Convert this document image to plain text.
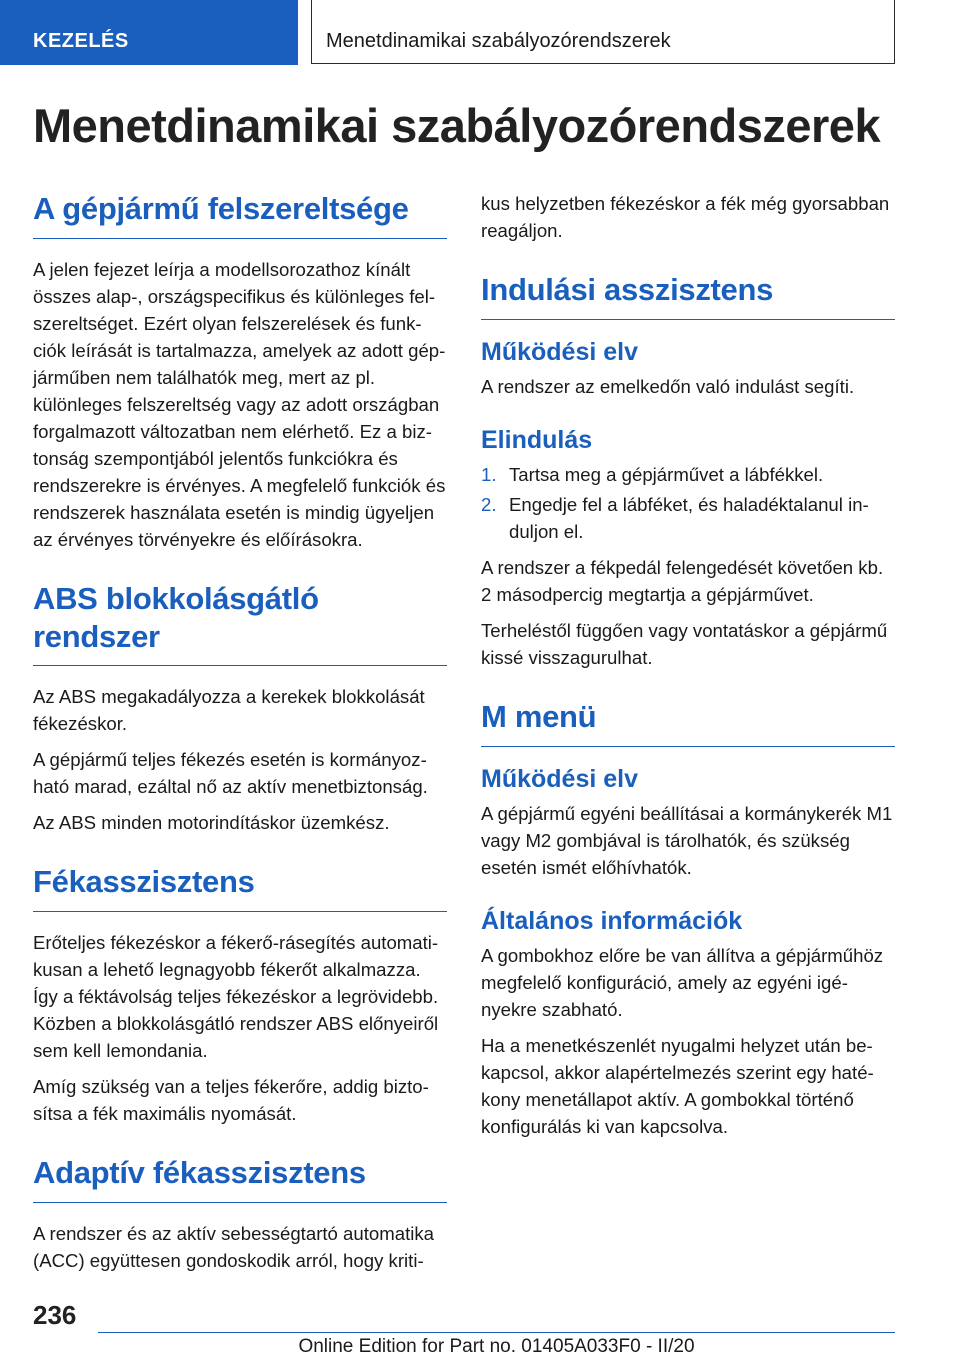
KEZELÉS	Menetdinamikai szabályozórendszerek
Menetdinamikai szabályozórendszerek
A gépjármű felszereltsége

A jelen fejezet leírja a modellsorozathoz kínált összes alap-, országspecifikus és különleges felszereltséget. Ezért olyan felszerelések és funkciók leírását is tartalmazza, amelyek az adott gépjárműben nem találhatók meg, mert az pl. különleges felszereltség vagy az adott országban forgalmazott változatban nem elérhető. Ez a biztonság szempontjából jelentős funkciókra és rendszerekre is érvényes. A megfelelő funkciók és rendszerek használata esetén is mindig ügyeljen az érvényes törvényekre és előírásokra.

ABS blokkolásgátló rendszer

Az ABS megakadályozza a kerekek blokkolását fékezéskor.

A gépjármű teljes fékezés esetén is kormányozható marad, ezáltal nő az aktív menetbiztonság.

Az ABS minden motorindításkor üzemkész.

Fékasszisztens

Erőteljes fékezéskor a fékerő-rásegítés automatikusan a lehető legnagyobb fékerőt alkalmazza. Így a féktávolság teljes fékezéskor a legrövidebb. Közben a blokkolásgátló rendszer ABS előnyeiről sem kell lemondania.

Amíg szükség van a teljes fékerőre, addig biztosítsa a fék maximális nyomását.

Adaptív fékasszisztens

A rendszer és az aktív sebességtartó automatika (ACC) együttesen gondoskodik arról, hogy kriti-

kus helyzetben fékezéskor a fék még gyorsabban reagáljon.

Indulási asszisztens
Működési elv

A rendszer az emelkedőn való indulást segíti.

Elindulás
1. Tartsa meg a gépjárművet a lábfékkel.
2. Engedje fel a lábféket, és haladéktalanul induljon el.

A rendszer a fékpedál felengedését követően kb. 2 másodpercig megtartja a gépjárművet.

Terheléstől függően vagy vontatáskor a gépjármű kissé visszagurulhat.

M menü
Működési elv

A gépjármű egyéni beállításai a kormánykerék M1 vagy M2 gombjával is tárolhatók, és szükség esetén ismét előhívhatók.

Általános információk

A gombokhoz előre be van állítva a gépjárműhöz megfelelő konfiguráció, amely az egyéni igényekre szabható.

Ha a menetkészenlét nyugalmi helyzet után bekapcsol, akkor alapértelmezés szerint egy hatékony menetállapot aktív. A gombokkal történő konfigurálás ki van kapcsolva.

236
Online Edition for Part no. 01405A033F0 - II/20
